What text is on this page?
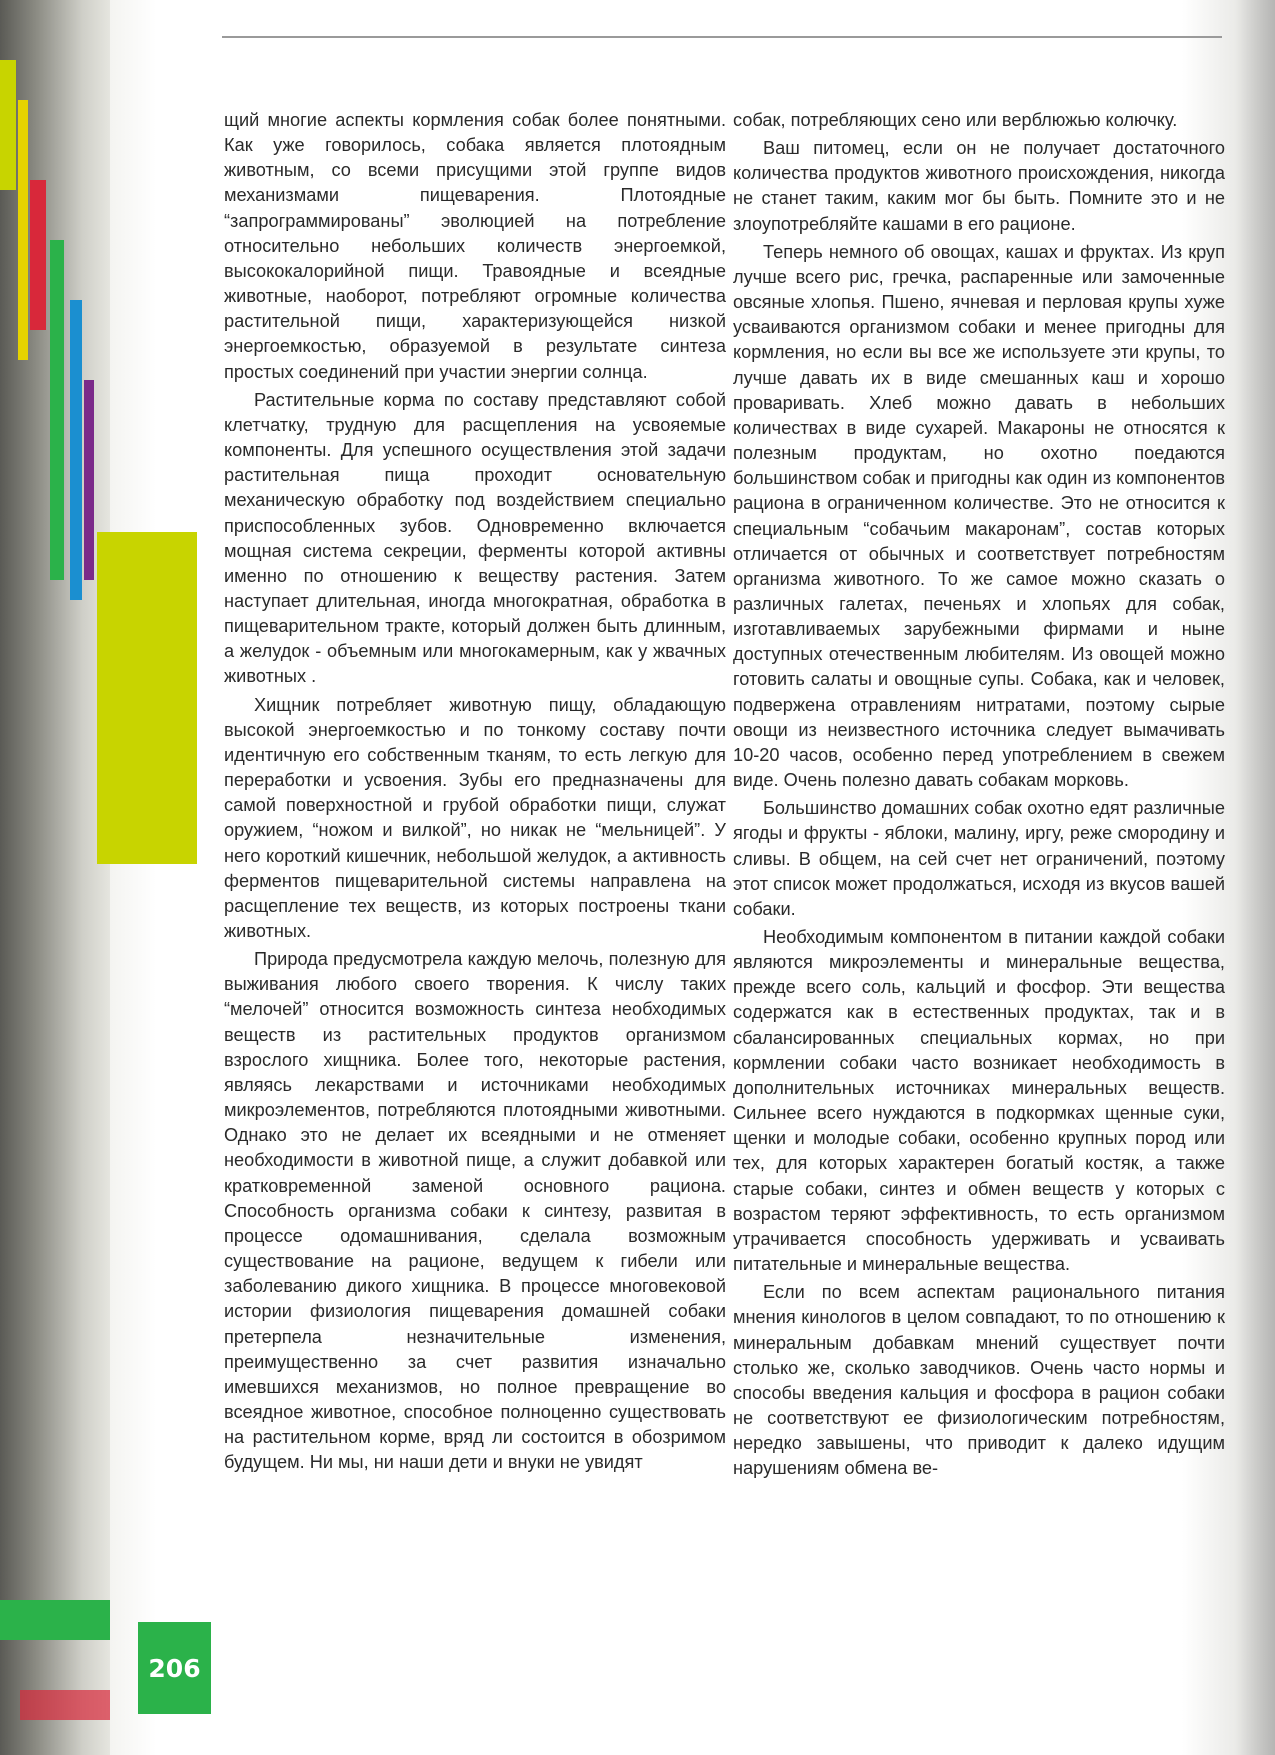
щий многие аспекты кормления собак более понятными. Как уже говорилось, собака является плотоядным животным, со всеми присущими этой группе видов механизмами пищеварения. Плотоядные “запрограммированы” эволюцией на потребление относительно небольших количеств энергоемкой, высококалорийной пищи. Травоядные и всеядные животные, наоборот, потребляют огромные количества растительной пищи, характеризующейся низкой энергоемкостью, образуемой в результате синтеза простых соединений при участии энергии солнца.

Растительные корма по составу представляют собой клетчатку, трудную для расщепления на усвояемые компоненты. Для успешного осуществления этой задачи растительная пища проходит основательную механическую обработку под воздействием специально приспособленных зубов. Одновременно включается мощная система секреции, ферменты которой активны именно по отношению к веществу растения. Затем наступает длительная, иногда многократная, обработка в пищеварительном тракте, который должен быть длинным, а желудок - объемным или многокамерным, как у жвачных животных .

Хищник потребляет животную пищу, обладающую высокой энергоемкостью и по тонкому составу почти идентичную его собственным тканям, то есть легкую для переработки и усвоения. Зубы его предназначены для самой поверхностной и грубой обработки пищи, служат оружием, “ножом и вилкой”, но никак не “мельницей”. У него короткий кишечник, небольшой желудок, а активность ферментов пищеварительной системы направлена на расщепление тех веществ, из которых построены ткани животных.

Природа предусмотрела каждую мелочь, полезную для выживания любого своего творения. К числу таких “мелочей” относится возможность синтеза необходимых веществ из растительных продуктов организмом взрослого хищника. Более того, некоторые растения, являясь лекарствами и источниками необходимых микроэлементов, потребляются плотоядными животными. Однако это не делает их всеядными и не отменяет необходимости в животной пище, а служит добавкой или кратковременной заменой основного рациона. Способность организма собаки к синтезу, развитая в процессе одомашнивания, сделала возможным существование на рационе, ведущем к гибели или заболеванию дикого хищника. В процессе многовековой истории физиология пищеварения домашней собаки претерпела незначительные изменения, преимущественно за счет развития изначально имевшихся механизмов, но полное превращение во всеядное животное, способное полноценно существовать на растительном корме, вряд ли состоится в обозримом будущем. Ни мы, ни наши дети и внуки не увидят

собак, потребляющих сено или верблюжью колючку.

Ваш питомец, если он не получает достаточного количества продуктов животного происхождения, никогда не станет таким, каким мог бы быть. Помните это и не злоупотребляйте кашами в его рационе.

Теперь немного об овощах, кашах и фруктах. Из круп лучше всего рис, гречка, распаренные или замоченные овсяные хлопья. Пшено, ячневая и перловая крупы хуже усваиваются организмом собаки и менее пригодны для кормления, но если вы все же используете эти крупы, то лучше давать их в виде смешанных каш и хорошо проваривать. Хлеб можно давать в небольших количествах в виде сухарей. Макароны не относятся к полезным продуктам, но охотно поедаются большинством собак и пригодны как один из компонентов рациона в ограниченном количестве. Это не относится к специальным “собачьим макаронам”, состав которых отличается от обычных и соответствует потребностям организма животного. То же самое можно сказать о различных галетах, печеньях и хлопьях для собак, изготавливаемых зарубежными фирмами и ныне доступных отечественным любителям. Из овощей можно готовить салаты и овощные супы. Собака, как и человек, подвержена отравлениям нитратами, поэтому сырые овощи из неизвестного источника следует вымачивать 10-20 часов, особенно перед употреблением в свежем виде. Очень полезно давать собакам морковь.

Большинство домашних собак охотно едят различные ягоды и фрукты - яблоки, малину, иргу, реже смородину и сливы. В общем, на сей счет нет ограничений, поэтому этот список может продолжаться, исходя из вкусов вашей собаки.

Необходимым компонентом в питании каждой собаки являются микроэлементы и минеральные вещества, прежде всего соль, кальций и фосфор. Эти вещества содержатся как в естественных продуктах, так и в сбалансированных специальных кормах, но при кормлении собаки часто возникает необходимость в дополнительных источниках минеральных веществ. Сильнее всего нуждаются в подкормках щенные суки, щенки и молодые собаки, особенно крупных пород или тех, для которых характерен богатый костяк, а также старые собаки, синтез и обмен веществ у которых с возрастом теряют эффективность, то есть организмом утрачивается способность удерживать и усваивать питательные и минеральные вещества.

Если по всем аспектам рационального питания мнения кинологов в целом совпадают, то по отношению к минеральным добавкам мнений существует почти столько же, сколько заводчиков. Очень часто нормы и способы введения кальция и фосфора в рацион собаки не соответствуют ее физиологическим потребностям, нередко завышены, что приводит к далеко идущим нарушениям обмена ве-

206
